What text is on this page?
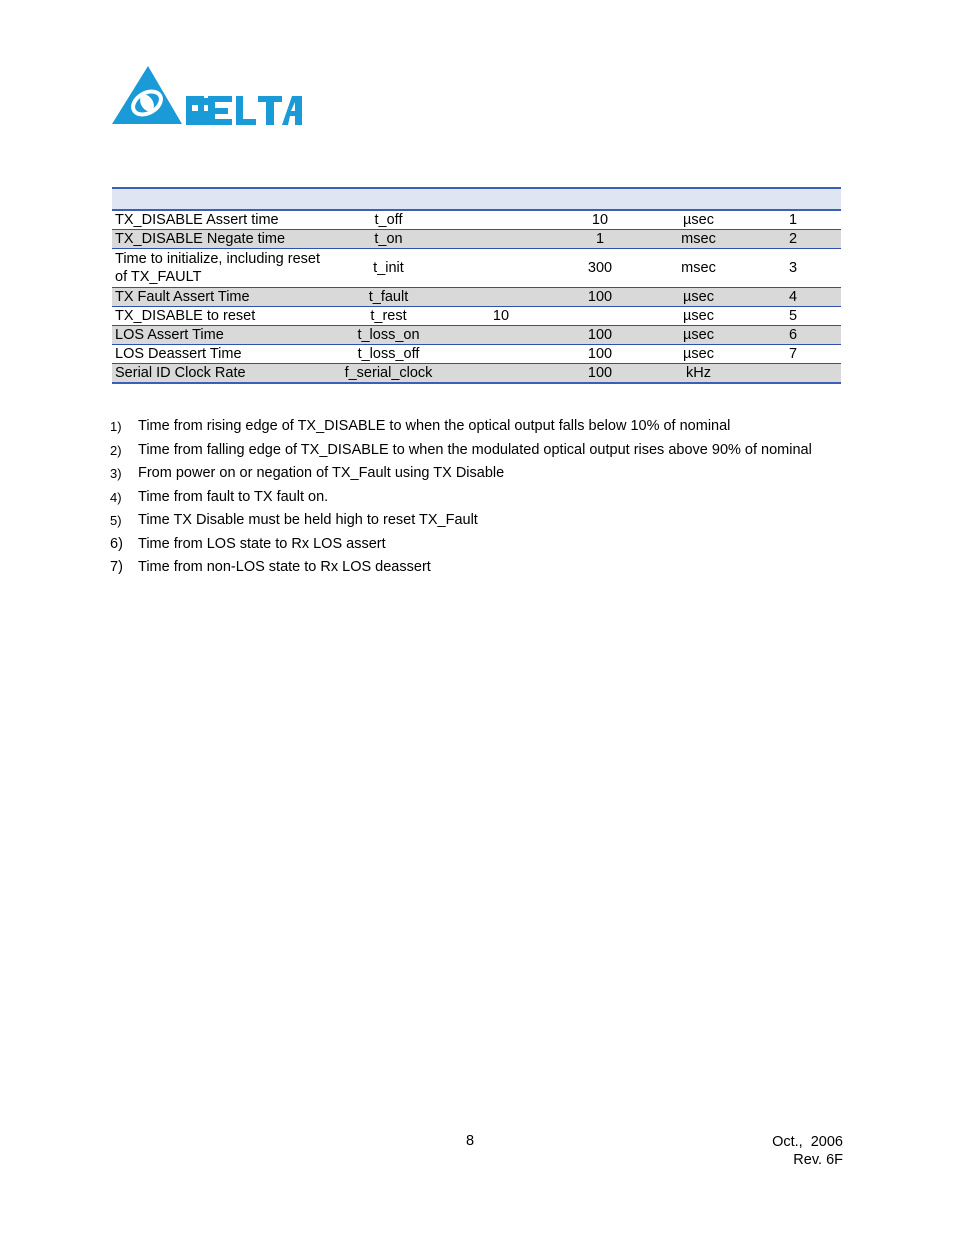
TX_DISABLE Assert time	t_off		10	µsec	1
TX_DISABLE Negate time	t_on		1	msec	2
Time to initialize, including reset of TX_FAULT	t_init		300	msec	3
TX Fault Assert Time	t_fault		100	µsec	4
TX_DISABLE to reset	t_rest	10		µsec	5
LOS Assert Time	t_loss_on		100	µsec	6
LOS Deassert Time	t_loss_off		100	µsec	7
Serial ID Clock Rate	f_serial_clock		100	kHz	
1)	Time from rising edge of TX_DISABLE to when the optical output falls below 10% of nominal
2)	Time from falling edge of TX_DISABLE to when the modulated optical output rises above 90% of nominal
3)	From power on or negation of TX_Fault using TX Disable
4)	Time from fault to TX fault on.
5)	Time TX Disable must be held high to reset TX_Fault
6)	Time from LOS state to Rx LOS assert
7)	Time from non-LOS state to Rx LOS deassert
8	Oct.,  2006
Rev. 6F
